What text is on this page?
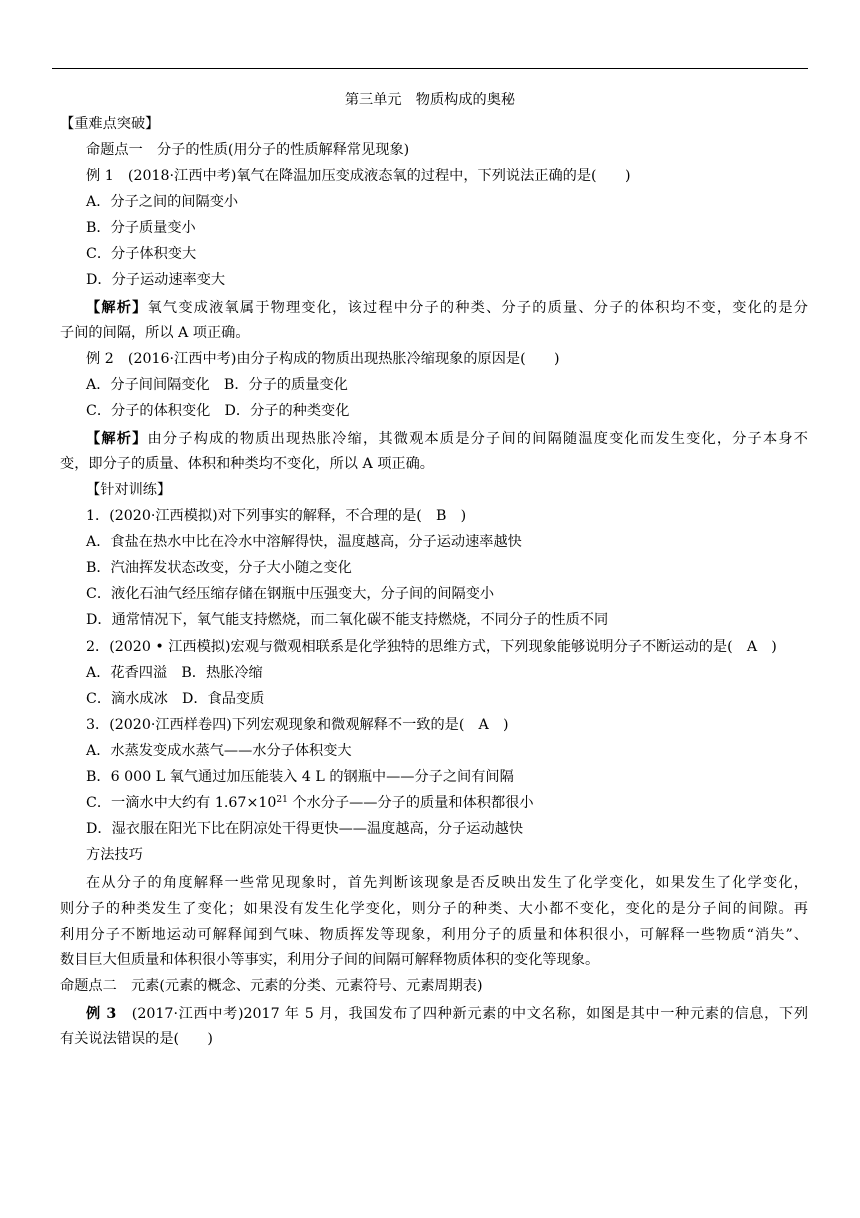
第三单元　物质构成的奥秘
【重难点突破】
命题点一　分子的性质(用分子的性质解释常见现象)
例 1　(2018·江西中考)氧气在降温加压变成液态氧的过程中，下列说法正确的是(　　)
A．分子之间的间隔变小
B．分子质量变小
C．分子体积变大
D．分子运动速率变大
【解析】氧气变成液氧属于物理变化，该过程中分子的种类、分子的质量、分子的体积均不变，变化的是分
子间的间隔，所以 A 项正确。
例 2　(2016·江西中考)由分子构成的物质出现热胀冷缩现象的原因是(　　)
A．分子间间隔变化　B．分子的质量变化
C．分子的体积变化　D．分子的种类变化
【解析】由分子构成的物质出现热胀冷缩，其微观本质是分子间的间隔随温度变化而发生变化，分子本身不
变，即分子的质量、体积和种类均不变化，所以 A 项正确。
【针对训练】
1．(2020·江西模拟)对下列事实的解释，不合理的是(　B　)
A．食盐在热水中比在冷水中溶解得快，温度越高，分子运动速率越快
B．汽油挥发状态改变，分子大小随之变化
C．液化石油气经压缩存储在钢瓶中压强变大，分子间的间隔变小
D．通常情况下，氧气能支持燃烧，而二氧化碳不能支持燃烧，不同分子的性质不同
2．(2020 • 江西模拟)宏观与微观相联系是化学独特的思维方式，下列现象能够说明分子不断运动的是(　A　)
A．花香四溢　B．热胀冷缩
C．滴水成冰　D．食品变质
3．(2020·江西样卷四)下列宏观现象和微观解释不一致的是(　A　)
A．水蒸发变成水蒸气——水分子体积变大
B．6 000 L 氧气通过加压能装入 4 L 的钢瓶中——分子之间有间隔
C．一滴水中大约有 $1.67\times 10^{21}$ 个水分子——分子的质量和体积都很小
D．湿衣服在阳光下比在阴凉处干得更快——温度越高，分子运动越快
方法技巧
在从分子的角度解释一些常见现象时，首先判断该现象是否反映出发生了化学变化，如果发生了化学变化，
则分子的种类发生了变化；如果没有发生化学变化，则分子的种类、大小都不变化，变化的是分子间的间隙。再
利用分子不断地运动可解释闻到气味、物质挥发等现象，利用分子的质量和体积很小，可解释一些物质“消失”、
数目巨大但质量和体积很小等事实，利用分子间的间隔可解释物质体积的变化等现象。
命题点二　元素(元素的概念、元素的分类、元素符号、元素周期表)
例 3　(2017·江西中考)2017 年 5 月，我国发布了四种新元素的中文名称，如图是其中一种元素的信息，下列
有关说法错误的是(　　)
